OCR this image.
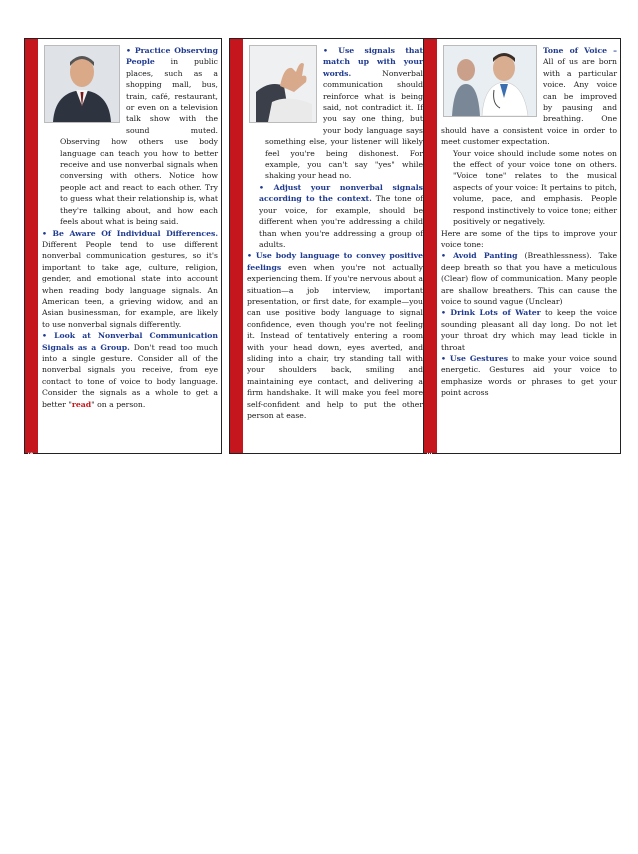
TIPS TO READ NON-VERBAL CUES

• Practice Observing People in public places, such as a shopping mall, bus, train, café, restaurant, or even on a television talk show with the sound muted. Observing how others use body language can teach you how to better receive and use nonverbal signals when conversing with others. Notice how people act and react to each other. Try to guess what their relationship is, what they're talking about, and how each feels about what is being said.

• Be Aware Of Individual Differences. Different People tend to use different nonverbal communication gestures, so it's important to take age, culture, religion, gender, and emotional state into account when reading body language signals. An American teen, a grieving widow, and an Asian businessman, for example, are likely to use nonverbal signals differently.

• Look at Nonverbal Communication Signals as a Group. Don't read too much into a single gesture. Consider all of the nonverbal signals you receive, from eye contact to tone of voice to body language. Consider the signals as a whole to get a better "read" on a person.

TIPS TO DELIVER NON-VERBAL CUES

• Use signals that match up with your words. Nonverbal communication should reinforce what is being said, not contradict it. If you say one thing, but your body language says something else, your listener will likely feel you're being dishonest. For example, you can't say "yes" while shaking your head no.

• Adjust your nonverbal signals according to the context. The tone of your voice, for example, should be different when you're addressing a child than when you're addressing a group of adults.

• Use body language to convey positive feelings even when you're not actually experiencing them. If you're nervous about a situation—a job interview, important presentation, or first date, for example—you can use positive body language to signal confidence, even though you're not feeling it. Instead of tentatively entering a room with your head down, eyes averted, and sliding into a chair, try standing tall with your shoulders back, smiling and maintaining eye contact, and delivering a firm handshake. It will make you feel more self-confident and help to put the other person at ease.

YOUR TONE OF VOICE REFLECTS DOCTORS' RESPONSE

Tone of Voice – All of us are born with a particular voice. Any voice can be improved by pausing and breathing. One should have a consistent voice in order to meet customer expectation.

Your voice should include some notes on the effect of your voice tone on others. "Voice tone" relates to the musical aspects of your voice: It pertains to pitch, volume, pace, and emphasis. People respond instinctively to voice tone; either positively or negatively.

Here are some of the tips to improve your voice tone:

• Avoid Panting (Breathlessness). Take deep breath so that you have a meticulous (Clear) flow of communication. Many people are shallow breathers. This can cause the voice to sound vague (Unclear)

• Drink Lots of Water to keep the voice sounding pleasant all day long. Do not let your throat dry which may lead tickle in throat

• Use Gestures to make your voice sound energetic. Gestures aid your voice to emphasize words or phrases to get your point across
